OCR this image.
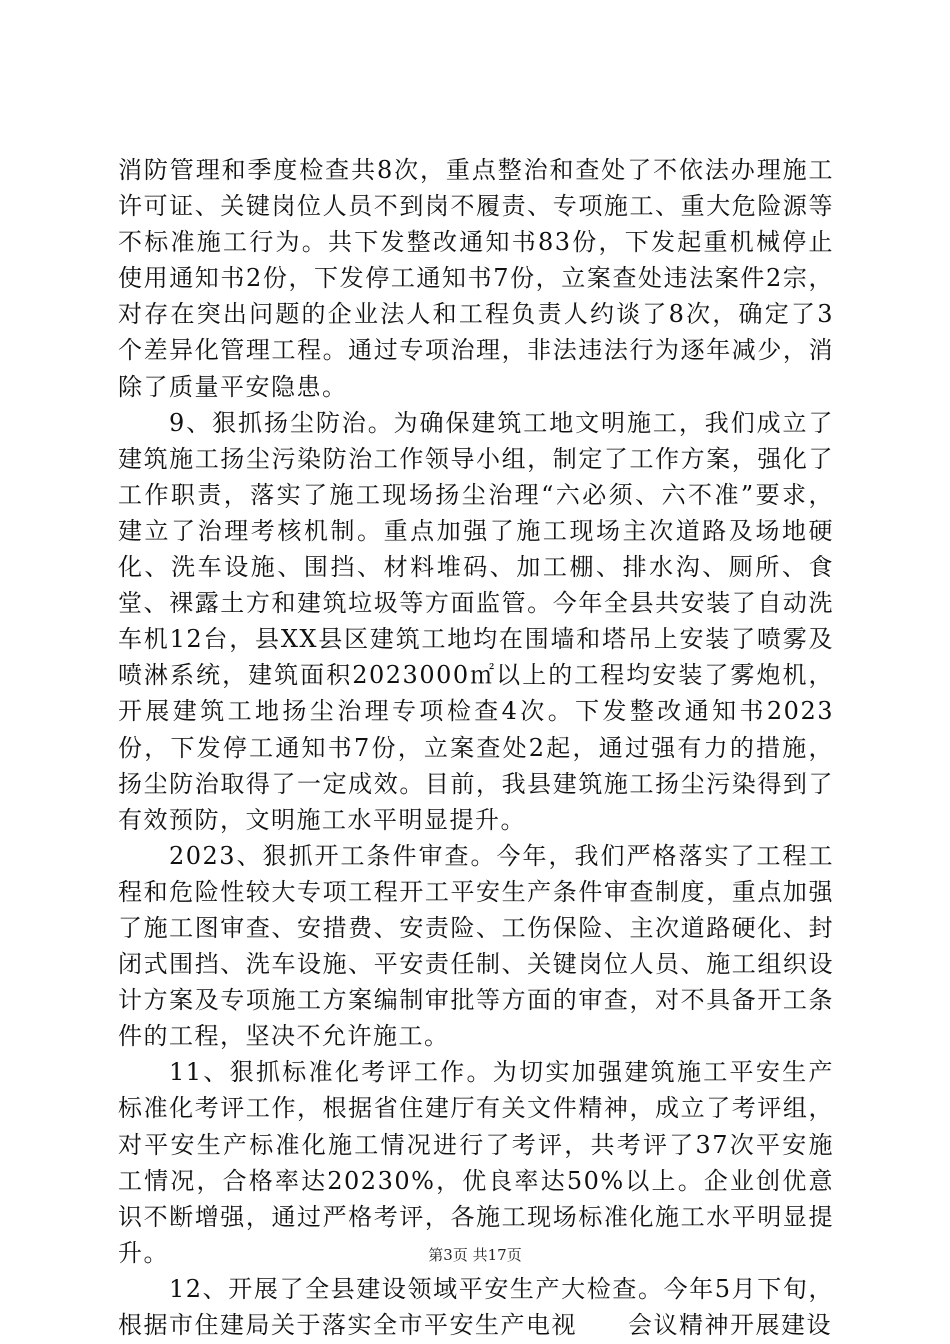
消防管理和季度检查共8次，重点整治和查处了不依法办理施工许可证、关键岗位人员不到岗不履责、专项施工、重大危险源等不标准施工行为。共下发整改通知书83份，下发起重机械停止使用通知书2份，下发停工通知书7份，立案查处违法案件2宗，对存在突出问题的企业法人和工程负责人约谈了8次，确定了3个差异化管理工程。通过专项治理，非法违法行为逐年减少，消除了质量平安隐患。

9、狠抓扬尘防治。为确保建筑工地文明施工，我们成立了建筑施工扬尘污染防治工作领导小组，制定了工作方案，强化了工作职责，落实了施工现场扬尘治理“六必须、六不准”要求，建立了治理考核机制。重点加强了施工现场主次道路及场地硬化、洗车设施、围挡、材料堆码、加工棚、排水沟、厕所、食堂、裸露土方和建筑垃圾等方面监管。今年全县共安装了自动洗车机12台，县XX县区建筑工地均在围墙和塔吊上安装了喷雾及喷淋系统，建筑面积2023000㎡以上的工程均安装了雾炮机，开展建筑工地扬尘治理专项检查4次。下发整改通知书2023份，下发停工通知书7份，立案查处2起，通过强有力的措施，扬尘防治取得了一定成效。目前，我县建筑施工扬尘污染得到了有效预防，文明施工水平明显提升。

2023、狠抓开工条件审查。今年，我们严格落实了工程工程和危险性较大专项工程开工平安生产条件审查制度，重点加强了施工图审查、安措费、安责险、工伤保险、主次道路硬化、封闭式围挡、洗车设施、平安责任制、关键岗位人员、施工组织设计方案及专项施工方案编制审批等方面的审查，对不具备开工条件的工程，坚决不允许施工。

11、狠抓标准化考评工作。为切实加强建筑施工平安生产标准化考评工作，根据省住建厅有关文件精神，成立了考评组，对平安生产标准化施工情况进行了考评，共考评了37次平安施工情况，合格率达20230%，优良率达50%以上。企业创优意识不断增强，通过严格考评，各施工现场标准化施工水平明显提升。

12、开展了全县建设领域平安生产大检查。今年5月下旬，根据市住建局关于落实全市平安生产电视　　会议精神开展建设

第3页 共17页
